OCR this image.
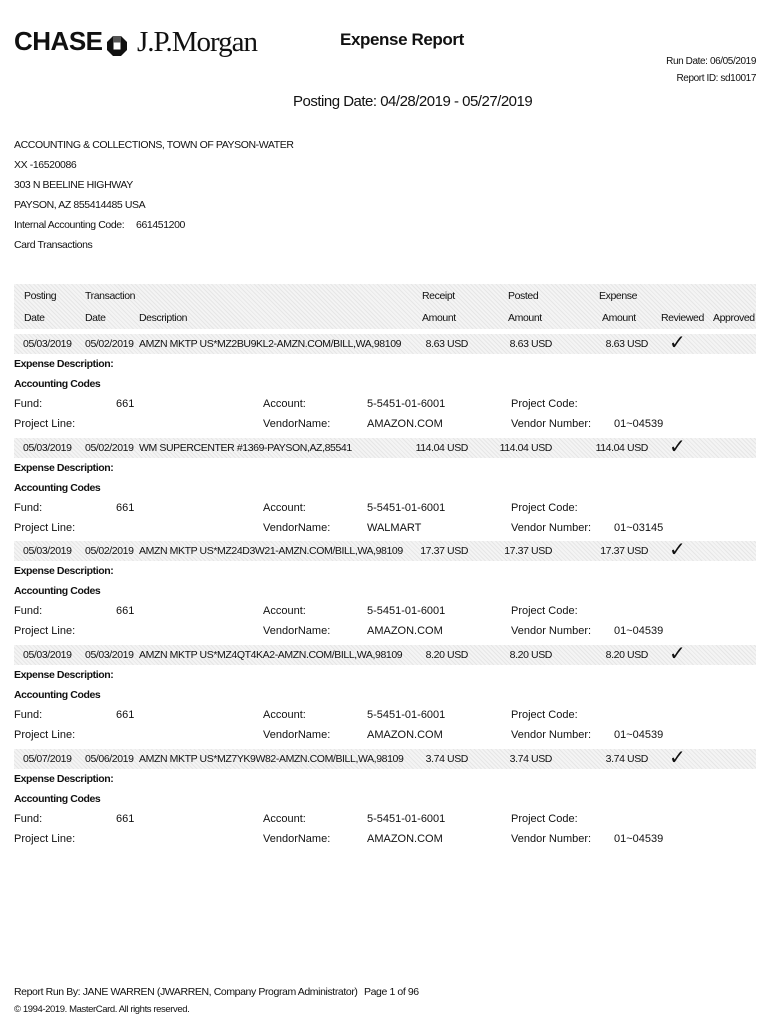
CHASE J.P.Morgan	Expense Report
Run Date: 06/05/2019
Report ID: sd10017
Posting Date: 04/28/2019 - 05/27/2019
ACCOUNTING & COLLECTIONS, TOWN OF PAYSON-WATER
XX -16520086
303 N BEELINE HIGHWAY
PAYSON, AZ 855414485 USA
Internal Accounting Code: 661451200
Card Transactions
Posting
Date
Transaction
Date	Description
Receipt
Amount
Posted
Amount
Expense
Amount Reviewed Approved
05/03/2019 05/02/2019 AMZN MKTP US*MZ2BU9KL2-AMZN.COM/BILL,WA,98109	8.63 USD	8.63 USD	8.63 USD ✓
Expense Description:
Accounting Codes
Fund:	661	Account:	5-5451-01-6001	Project Code:
Project Line:	VendorName:	AMAZON.COM	Vendor Number: 01~04539
05/03/2019 05/02/2019 WM SUPERCENTER #1369-PAYSON,AZ,85541	114.04 USD	114.04 USD	114.04 USD ✓
Expense Description:
Accounting Codes
Fund:	661	Account:	5-5451-01-6001	Project Code:
Project Line:	VendorName:	WALMART	Vendor Number: 01~03145
05/03/2019 05/02/2019 AMZN MKTP US*MZ24D3W21-AMZN.COM/BILL,WA,98109	17.37 USD	17.37 USD	17.37 USD ✓
Expense Description:
Accounting Codes
Fund:	661	Account:	5-5451-01-6001	Project Code:
Project Line:	VendorName:	AMAZON.COM	Vendor Number: 01~04539
05/03/2019 05/03/2019 AMZN MKTP US*MZ4QT4KA2-AMZN.COM/BILL,WA,98109	8.20 USD	8.20 USD	8.20 USD ✓
Expense Description:
Accounting Codes
Fund:	661	Account:	5-5451-01-6001	Project Code:
Project Line:	VendorName:	AMAZON.COM	Vendor Number: 01~04539
05/07/2019 05/06/2019 AMZN MKTP US*MZ7YK9W82-AMZN.COM/BILL,WA,98109	3.74 USD	3.74 USD	3.74 USD ✓
Expense Description:
Accounting Codes
Fund:	661	Account:	5-5451-01-6001	Project Code:
Project Line:	VendorName:	AMAZON.COM	Vendor Number: 01~04539
Report Run By: JANE WARREN (JWARREN, Company Program Administrator) Page 1 of 96
© 1994-2019. MasterCard. All rights reserved.
